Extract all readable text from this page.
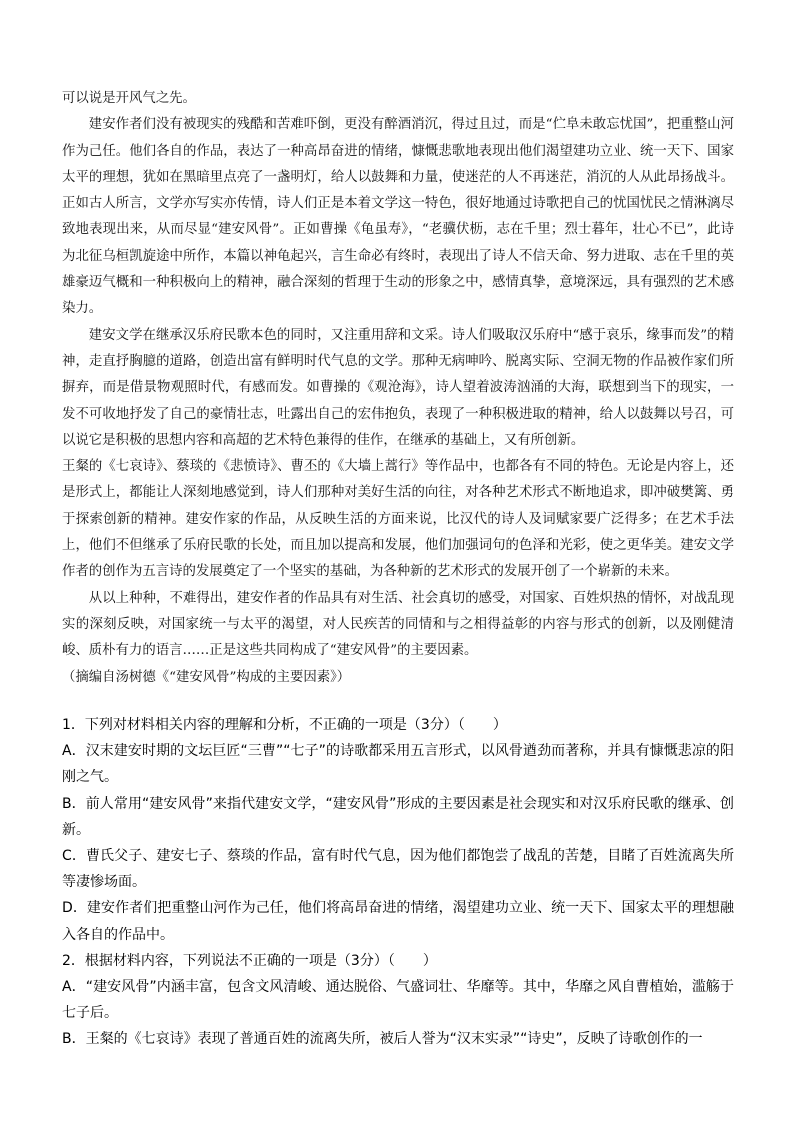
可以说是开风气之先。

建安作者们没有被现实的残酷和苦难吓倒，更没有醉酒消沉，得过且过，而是“伫阜未敢忘忧国”，把重整山河作为己任。他们各自的作品，表达了一种高昂奋进的情绪，慷慨悲歌地表现出他们渴望建功立业、统一天下、国家太平的理想，犹如在黑暗里点亮了一盏明灯，给人以鼓舞和力量，使迷茫的人不再迷茫，消沉的人从此昂扬战斗。正如古人所言，文学亦写实亦传情，诗人们正是本着文学这一特色，很好地通过诗歌把自己的忧国忧民之情淋漓尽致地表现出来，从而尽显“建安风骨”。正如曹操《龟虽寿》，“老骥伏枥，志在千里；烈士暮年，壮心不已”，此诗为北征乌桓凯旋途中所作，本篇以神龟起兴，言生命必有终时，表现出了诗人不信天命、努力进取、志在千里的英雄豪迈气概和一种积极向上的精神，融合深刻的哲理于生动的形象之中，感情真挚，意境深远，具有强烈的艺术感染力。

建安文学在继承汉乐府民歌本色的同时，又注重用辞和文采。诗人们吸取汉乐府中“感于哀乐，缘事而发”的精神，走直抒胸臆的道路，创造出富有鲜明时代气息的文学。那种无病呻吟、脱离实际、空洞无物的作品被作家们所摒弃，而是借景物观照时代，有感而发。如曹操的《观沧海》，诗人望着波涛汹涌的大海，联想到当下的现实，一发不可收地抒发了自己的豪情壮志，吐露出自己的宏伟抱负，表现了一种积极进取的精神，给人以鼓舞以号召，可以说它是积极的思想内容和高超的艺术特色兼得的佳作，在继承的基础上，又有所创新。

王粲的《七哀诗》、蔡琰的《悲愤诗》、曹丕的《大墙上蒿行》等作品中，也都各有不同的特色。无论是内容上，还是形式上，都能让人深刻地感觉到，诗人们那种对美好生活的向往，对各种艺术形式不断地追求，即冲破樊篱、勇于探索创新的精神。建安作家的作品，从反映生活的方面来说，比汉代的诗人及词赋家要广泛得多；在艺术手法上，他们不但继承了乐府民歌的长处，而且加以提高和发展，他们加强词句的色泽和光彩，使之更华美。建安文学作者的创作为五言诗的发展奠定了一个坚实的基础，为各种新的艺术形式的发展开创了一个崭新的未来。

从以上种种，不难得出，建安作者的作品具有对生活、社会真切的感受，对国家、百姓炽热的情怀，对战乱现实的深刻反映，对国家统一与太平的渴望，对人民疾苦的同情和与之相得益彰的内容与形式的创新，以及刚健清峻、质朴有力的语言……正是这些共同构成了“建安风骨”的主要因素。

（摘编自汤树德《“建安风骨”构成的主要因素》）

1．下列对材料相关内容的理解和分析，不正确的一项是（3分）（　　）

A．汉末建安时期的文坛巨匠“三曹”“七子”的诗歌都采用五言形式，以风骨遒劲而著称，并具有慷慨悲凉的阳刚之气。

B．前人常用“建安风骨”来指代建安文学，“建安风骨”形成的主要因素是社会现实和对汉乐府民歌的继承、创新。

C．曹氏父子、建安七子、蔡琰的作品，富有时代气息，因为他们都饱尝了战乱的苦楚，目睹了百姓流离失所等凄惨场面。

D．建安作者们把重整山河作为己任，他们将高昂奋进的情绪，渴望建功立业、统一天下、国家太平的理想融入各自的作品中。

2．根据材料内容，下列说法不正确的一项是（3分）（　　）

A．“建安风骨”内涵丰富，包含文风清峻、通达脱俗、气盛词壮、华靡等。其中，华靡之风自曹植始，滥觞于七子后。

B．王粲的《七哀诗》表现了普通百姓的流离失所，被后人誉为“汉末实录”“诗史”，反映了诗歌创作的一
